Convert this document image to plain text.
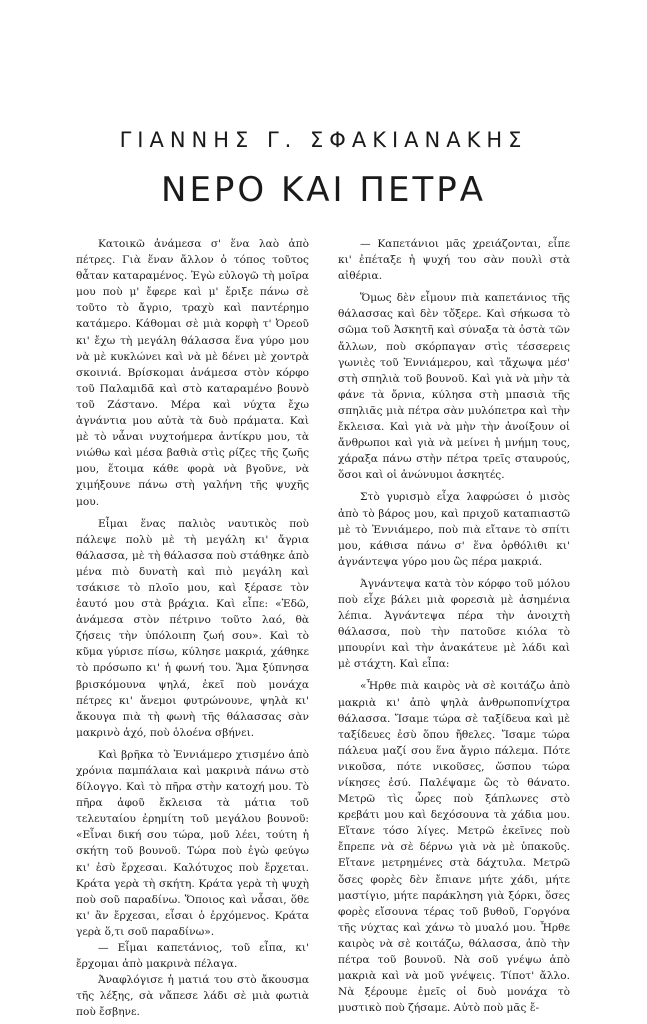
ΓΙΑΝΝΗΣ Γ. ΣΦΑΚΙΑΝΑΚΗΣ
ΝΕΡΟ ΚΑΙ ΠΕΤΡΑ

Κατοικῶ ἀνάμεσα σ' ἕνα λαὸ ἀπὸ πέτρες. Γιὰ ἕναν ἄλλον ὁ τόπος τοῦτος θἆταν καταραμένος. Ἐγὼ εὐλογῶ τὴ μοῖρα μου ποὺ μ' ἔφερε καὶ μ' ἔριξε πάνω σὲ τοῦτο τὸ ἄγριο, τραχὺ καὶ παντέρημο κατάμερο. Κάθομαι σὲ μιὰ κορφὴ τ' Ὀρεοῦ κι' ἔχω τὴ μεγάλη θάλασσα ἕνα γύρο μου νὰ μὲ κυκλώνει καὶ νὰ μὲ δένει μὲ χοντρὰ σκοινιά. Βρίσκομαι ἀνάμεσα στὸν κόρφο τοῦ Παλαμιδᾶ καὶ στὸ καταραμένο βουνὸ τοῦ Ζάστανο. Μέρα καὶ νύχτα ἔχω ἀγνάντια μου αὐτὰ τὰ δυὸ πράματα. Καὶ μὲ τὸ νἆναι νυχτοήμερα ἀντίκρυ μου, τὰ νιώθω καὶ μέσα βαθιὰ στὶς ρίζες τῆς ζωῆς μου, ἕτοιμα κάθε φορὰ νὰ βγοῦνε, νὰ χιμήξουνε πάνω στὴ γαλήνη τῆς ψυχῆς μου.

Εἶμαι ἕνας παλιὸς ναυτικὸς ποὺ πάλεψε πολὺ μὲ τὴ μεγάλη κι' ἄγρια θάλασσα, μὲ τὴ θάλασσα ποὺ στάθηκε ἀπὸ μένα πιὸ δυνατὴ καὶ πιὸ μεγάλη καὶ τσάκισε τὸ πλοῖο μου, καὶ ξέρασε τὸν ἑαυτό μου στὰ βράχια. Καὶ εἶπε: «Ἐδῶ, ἀνάμεσα στὸν πέτρινο τοῦτο λαό, θὰ ζήσεις τὴν ὑπόλοιπη ζωή σου». Καὶ τὸ κῦμα γύρισε πίσω, κύλησε μακριά, χάθηκε τὸ πρόσωπο κι' ἡ φωνή του. Ἅμα ξύπνησα βρισκόμουνα ψηλά, ἐκεῖ ποὺ μονάχα πέτρες κι' ἄνεμοι φυτρώνουνε, ψηλὰ κι' ἄκουγα πιὰ τὴ φωνὴ τῆς θάλασσας σὰν μακρινὸ ἀχό, ποὺ ὁλοένα σβήνει.

Καὶ βρῆκα τὸ Ἐννιάμερο χτισμένο ἀπὸ χρόνια παμπάλαια καὶ μακρινὰ πάνω στὸ δίλογγο. Καὶ τὸ πῆρα στὴν κατοχή μου. Τὸ πῆρα ἀφοῦ ἔκλεισα τὰ μάτια τοῦ τελευταίου ἐρημίτη τοῦ μεγάλου βουνοῦ: «Εἶναι δική σου τώρα, μοῦ λέει, τούτη ἡ σκήτη τοῦ βουνοῦ. Τώρα ποὺ ἐγὼ φεύγω κι' ἐσὺ ἔρχεσαι. Καλότυχος ποὺ ἔρχεται. Κράτα γερὰ τὴ σκήτη. Κράτα γερὰ τὴ ψυχὴ ποὺ σοῦ παραδίνω. Ὅποιος καὶ νἆσαι, ὅθε κι' ἂν ἔρχεσαι, εἶσαι ὁ ἐρχόμενος. Κράτα γερὰ ὅ,τι σοῦ παραδίνω».

— Εἶμαι καπετάνιος, τοῦ εἶπα, κι' ἔρχομαι ἀπὸ μακρινὰ πέλαγα.

Ἀναφλόγισε ἡ ματιά του στὸ ἄκουσμα τῆς λέξης, σὰ νἄπεσε λάδι σὲ μιὰ φωτιὰ ποὺ ἔσβηνε.

— Καπετάνιοι μᾶς χρειάζονται, εἶπε κι' ἐπέταξε ἡ ψυχή του σὰν πουλὶ στὰ αἰθέρια.

Ὅμως δὲν εἶμουν πιὰ καπετάνιος τῆς θάλασσας καὶ δὲν τὄξερε. Καὶ σήκωσα τὸ σῶμα τοῦ Ἀσκητῆ καὶ σύναξα τὰ ὀστὰ τῶν ἄλλων, ποὺ σκόρπαγαν στὶς τέσσερεις γωνιὲς τοῦ Ἐννιάμερου, καὶ τἄχωψα μέσ' στὴ σπηλιὰ τοῦ βουνοῦ. Καὶ γιὰ νὰ μὴν τὰ φάνε τὰ ὄρνια, κύλησα στὴ μπασιὰ τῆς σπηλιᾶς μιὰ πέτρα σὰν μυλόπετρα καὶ τὴν ἔκλεισα. Καὶ γιὰ νὰ μὴν τὴν ἀνοίξουν οἱ ἄνθρωποι καὶ γιὰ νὰ μείνει ἡ μνήμη τους, χάραξα πάνω στὴν πέτρα τρεῖς σταυρούς, ὅσοι καὶ οἱ ἀνώνυμοι ἀσκητές.

Στὸ γυρισμὸ εἶχα λαφρώσει ὁ μισὸς ἀπὸ τὸ βάρος μου, καὶ πριχοῦ καταπιαστῶ μὲ τὸ Ἐννιάμερο, ποὺ πιὰ εἴτανε τὸ σπίτι μου, κάθισα πάνω σ' ἕνα ὀρθόλιθι κι' ἀγνάντεψα γύρο μου ὣς πέρα μακριά.

Ἀγνάντεψα κατὰ τὸν κόρφο τοῦ μόλου ποὺ εἶχε βάλει μιὰ φορεσιὰ μὲ ἀσημένια λέπια. Ἀγνάντεψα πέρα τὴν ἀνοιχτὴ θάλασσα, ποὺ τὴν πατοῦσε κιόλα τὸ μπουρίνι καὶ τὴν ἀνακάτευε μὲ λάδι καὶ μὲ στάχτη. Καὶ εἶπα:

«Ἦρθε πιὰ καιρὸς νὰ σὲ κοιτάζω ἀπὸ μακριὰ κι' ἀπὸ ψηλὰ ἀνθρωποπνίχτρα θάλασσα. Ἴσαμε τώρα σὲ ταξίδευα καὶ μὲ ταξίδευες ἐσὺ ὅπου ἤθελες. Ἴσαμε τώρα πάλευα μαζί σου ἕνα ἄγριο πάλεμα. Πότε νικοῦσα, πότε νικοῦσες, ὥσπου τώρα νίκησες ἐσύ. Παλέψαμε ὣς τὸ θάνατο. Μετρῶ τὶς ὧρες ποὺ ξάπλωνες στὸ κρεβάτι μου καὶ δεχόσουνα τὰ χάδια μου. Εἴτανε τόσο λίγες. Μετρῶ ἐκεῖνες ποὺ ἔπρεπε νὰ σὲ δέρνω γιὰ νὰ μὲ ὑπακοῦς. Εἴτανε μετρημένες στὰ δάχτυλα. Μετρῶ ὅσες φορὲς δὲν ἔπιανε μήτε χάδι, μήτε μαστίγιο, μήτε παράκληση γιὰ ξόρκι, ὅσες φορὲς εἴσουνα τέρας τοῦ βυθοῦ, Γοργόνα τῆς νύχτας καὶ χάνω τὸ μυαλό μου. Ἦρθε καιρὸς νὰ σὲ κοιτάζω, θάλασσα, ἀπὸ τὴν πέτρα τοῦ βουνοῦ. Νὰ σοῦ γνέψω ἀπὸ μακριὰ καὶ νὰ μοῦ γνέψεις. Τίποτ' ἄλλο. Νὰ ξέρουμε ἐμεῖς οἱ δυὸ μονάχα τὸ μυστικὸ ποὺ ζήσαμε. Αὐτὸ ποὺ μᾶς ἔ-
